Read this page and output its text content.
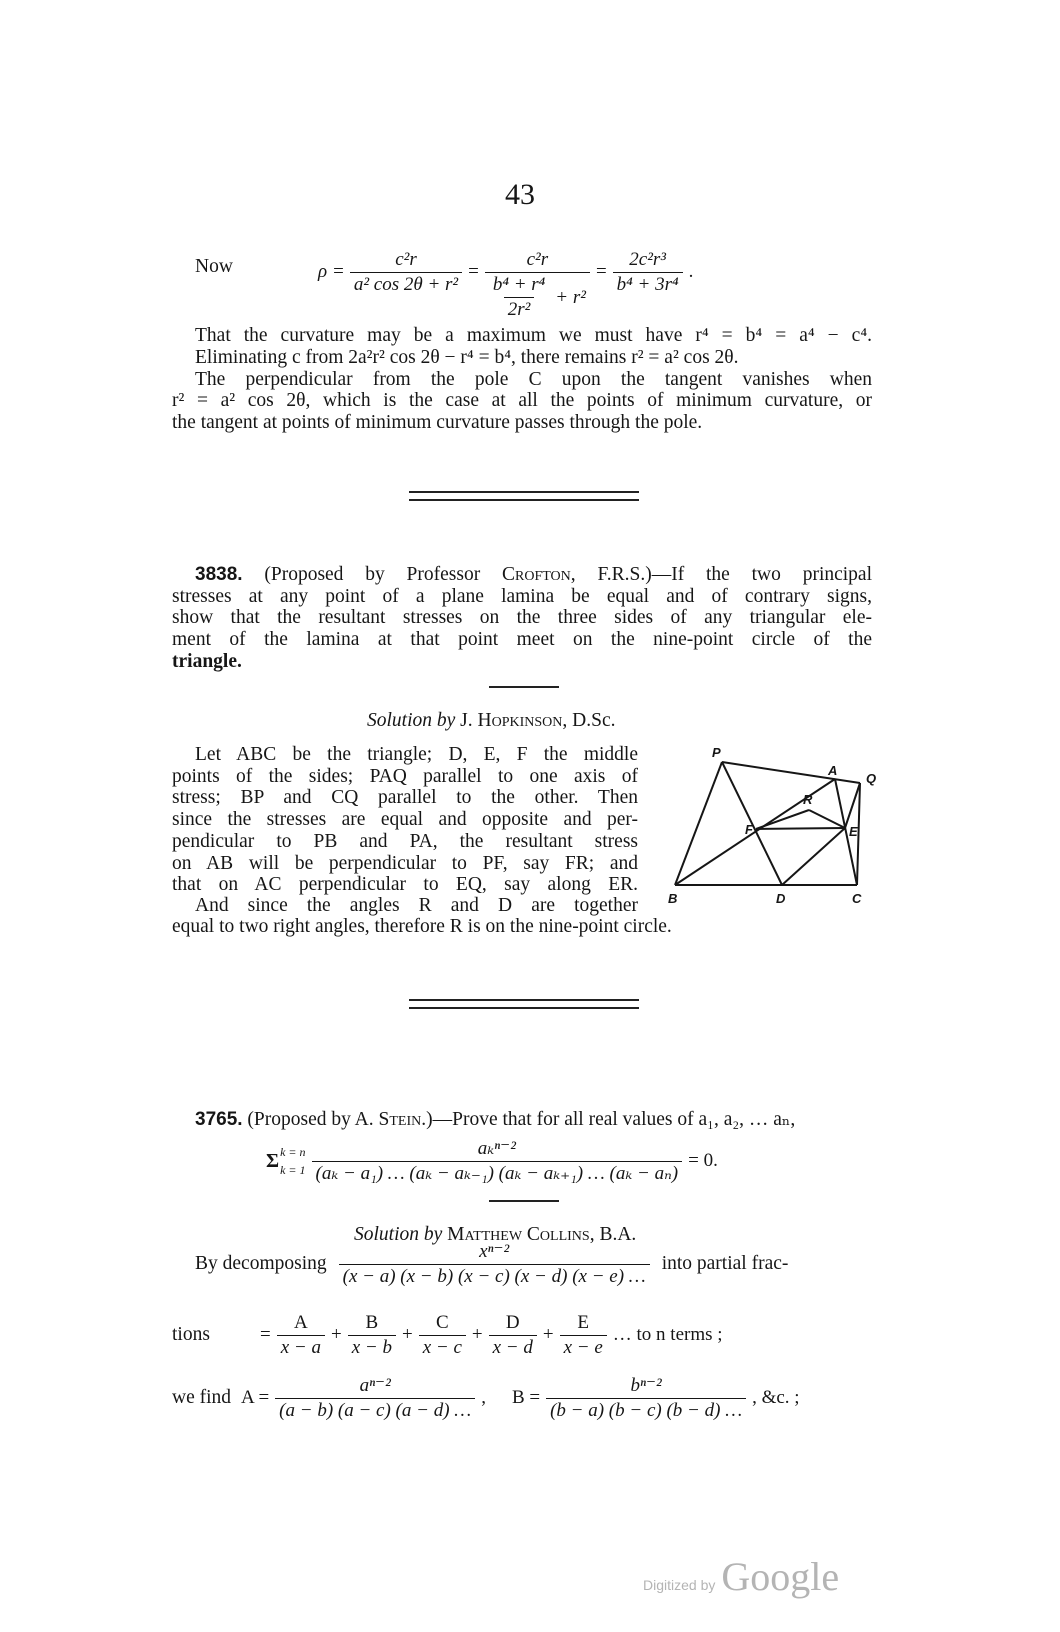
43
Now	$\rho = \frac{\text{c²r}}{\text{a² cos 2θ + r²}} = \frac{\text{c²r}}{\frac{\text{b⁴ + r⁴}}{\text{2r²}} + r^2} = \frac{\text{2c²r³}}{\text{b⁴ + 3r⁴}}$ .
That the curvature may be a maximum we must have r⁴ = b⁴ = a⁴ − c⁴.
Eliminating c from 2a²r² cos 2θ − r⁴ = b⁴, there remains r² = a² cos 2θ.
The perpendicular from the pole C upon the tangent vanishes when
r² = a² cos 2θ, which is the case at all the points of minimum curvature, or
the tangent at points of minimum curvature passes through the pole.
3838. (Proposed by Professor Crofton, F.R.S.)—If the two principal
stresses at any point of a plane lamina be equal and of contrary signs,
show that the resultant stresses on the three sides of any triangular ele-
ment of the lamina at that point meet on the nine-point circle of the
triangle.
Solution by J. Hopkinson, D.Sc.
Let ABC be the triangle; D, E, F the middle
points of the sides; PAQ parallel to one axis of
stress; BP and CQ parallel to the other. Then
since the stresses are equal and opposite and per-
pendicular to PB and PA, the resultant stress
on AB will be perpendicular to PF, say FR; and
that on AC perpendicular to EQ, say along ER.
And since the angles R and D are together
equal to two right angles, therefore R is on the nine-point circle.
P
A
Q
R
F	E
B	D	C
3765. (Proposed by A. Stein.)—Prove that for all real values of a₁, a₂, … aₙ,
Σ k = n
$k = 1 \frac{\text{aₖⁿ⁻²}}{\text{(aₖ − a₁) … (aₖ − aₖ₋₁) (aₖ − aₖ₊₁) … (aₖ − aₙ)}} = 0$.
Solution by Matthew Collins, B.A.
By decomposing $\frac{\text{xⁿ⁻²}}{(x - a) (x - b) (x - c) (x - d) (x - e) \dots}$ into partial frac-
tions	= $\frac{A}{x - a} + \frac{B}{x - b} + \frac{C}{x - c} + \frac{D}{x - d} + \frac{E}{x - e}$ … to n terms ;
we find $A = \frac{\text{aⁿ⁻²}}{(a - b) (a - c) (a - d) \dots}$ , $B = \frac{\text{bⁿ⁻²}}{(b - a) (b - c) (b - d) \dots}$ , &c. ;
Digitized by Google
